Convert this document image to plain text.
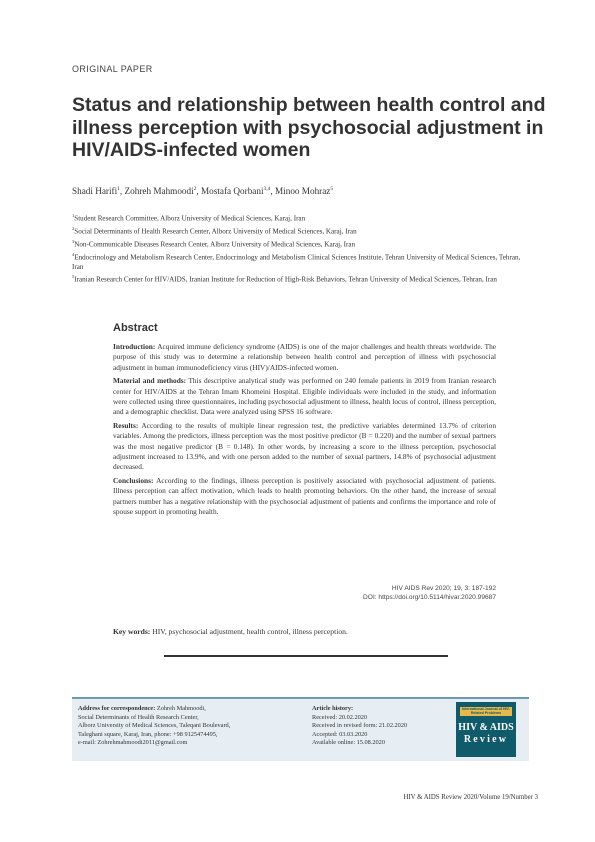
ORIGINAL PAPER
Status and relationship between health control and illness perception with psychosocial adjustment in HIV/AIDS-infected women
Shadi Harifi$^1$, Zohreh Mahmoodi$^2$, Mostafa Qorbani$^{3,4}$, Minoo Mohraz$^5$
$^1$Student Research Committee, Alborz University of Medical Sciences, Karaj, Iran
$^2$Social Determinants of Health Research Center, Alborz University of Medical Sciences, Karaj, Iran
$^3$Non-Communicable Diseases Research Center, Alborz University of Medical Sciences, Karaj, Iran
$^4$Endocrinology and Metabolism Research Center, Endocrinology and Metabolism Clinical Sciences Institute, Tehran University of Medical Sciences, Tehran, Iran
$^5$Iranian Research Center for HIV/AIDS, Iranian Institute for Reduction of High-Risk Behaviors, Tehran University of Medical Sciences, Tehran, Iran
Abstract

Introduction: Acquired immune deficiency syndrome (AIDS) is one of the major challenges and health threats worldwide. The purpose of this study was to determine a relationship between health control and perception of illness with psychosocial adjustment in human immunodeficiency virus (HIV)/AIDS-infected women.

Material and methods: This descriptive analytical study was performed on 240 female patients in 2019 from Iranian research center for HIV/AIDS at the Tehran Imam Khomeini Hospital. Eligible individuals were included in the study, and information were collected using three questionnaires, including psychosocial adjustment to illness, health locus of control, illness perception, and a demographic checklist. Data were analyzed using SPSS 16 software.

Results: According to the results of multiple linear regression test, the predictive variables determined 13.7% of criterion variables. Among the predictors, illness perception was the most positive predictor (B = 0.220) and the number of sexual partners was the most negative predictor (B = 0.148). In other words, by increasing a score to the illness perception, psychosocial adjustment increased to 13.9%, and with one person added to the number of sexual partners, 14.8% of psychosocial adjustment decreased.

Conclusions: According to the findings, illness perception is positively associated with psychosocial adjustment of patients. Illness perception can affect motivation, which leads to health promoting behaviors. On the other hand, the increase of sexual partners number has a negative relationship with the psychosocial adjustment of patients and confirms the importance and role of spouse support in promoting health.

HIV AIDS Rev 2020; 19, 3: 187-192
DOI: https://doi.org/10.5114/hivar.2020.99687
Key words: HIV, psychosocial adjustment, health control, illness perception.
Address for correspondence: Zohreh Mahmoodi,
Social Determinants of Health Research Center,
Alborz University of Medical Sciences, Taleqani Boulevard,
Taleghani square, Karaj, Iran, phone: +98 9125474495,
e-mail: Zohrehmahmoodi2011@gmail.com
Article history:
Received: 20.02.2020
Received in revised form: 21.02.2020
Accepted: 03.03.2020
Available online: 15.08.2020
International Journal of HIV-Related Problems
HIV & AIDS
Review
HIV & AIDS Review 2020/Volume 19/Number 3
